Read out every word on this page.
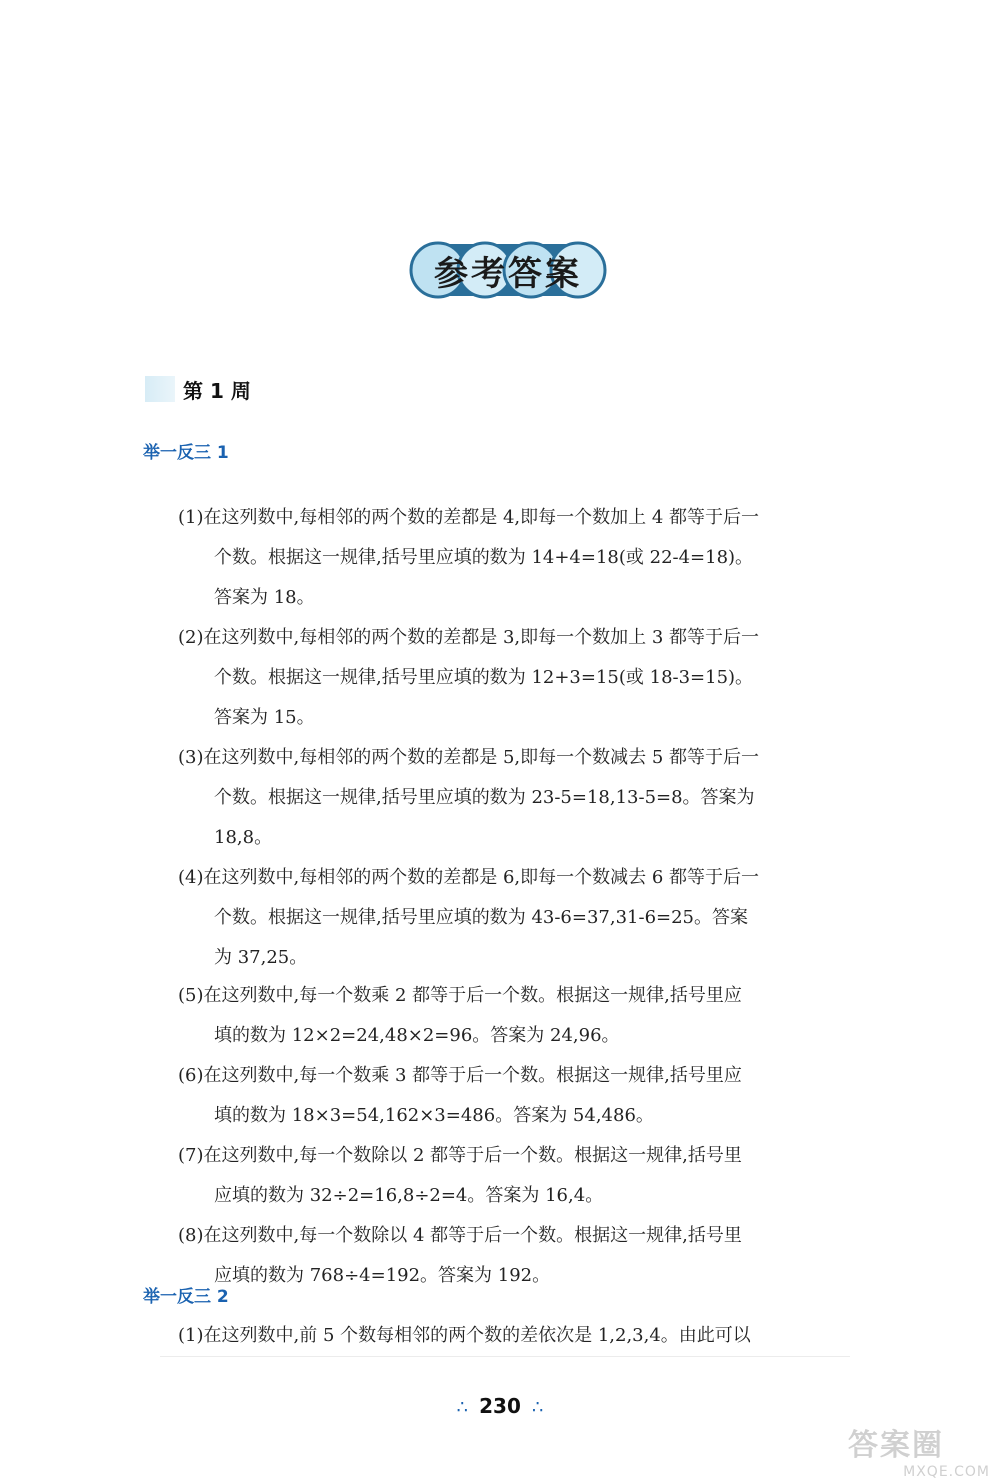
参考答案
第 1 周
举一反三 1
(1)在这列数中,每相邻的两个数的差都是 4,即每一个数加上 4 都等于后一
个数。根据这一规律,括号里应填的数为 14+4=18(或 22-4=18)。
答案为 18。
(2)在这列数中,每相邻的两个数的差都是 3,即每一个数加上 3 都等于后一
个数。根据这一规律,括号里应填的数为 12+3=15(或 18-3=15)。
答案为 15。
(3)在这列数中,每相邻的两个数的差都是 5,即每一个数减去 5 都等于后一
个数。根据这一规律,括号里应填的数为 23-5=18,13-5=8。答案为
18,8。
(4)在这列数中,每相邻的两个数的差都是 6,即每一个数减去 6 都等于后一
个数。根据这一规律,括号里应填的数为 43-6=37,31-6=25。答案
为 37,25。
(5)在这列数中,每一个数乘 2 都等于后一个数。根据这一规律,括号里应
填的数为 12×2=24,48×2=96。答案为 24,96。
(6)在这列数中,每一个数乘 3 都等于后一个数。根据这一规律,括号里应
填的数为 18×3=54,162×3=486。答案为 54,486。
(7)在这列数中,每一个数除以 2 都等于后一个数。根据这一规律,括号里
应填的数为 32÷2=16,8÷2=4。答案为 16,4。
(8)在这列数中,每一个数除以 4 都等于后一个数。根据这一规律,括号里
应填的数为 768÷4=192。答案为 192。
举一反三 2
(1)在这列数中,前 5 个数每相邻的两个数的差依次是 1,2,3,4。由此可以
∴ 230 ∴
答案圈
MXQE.COM
